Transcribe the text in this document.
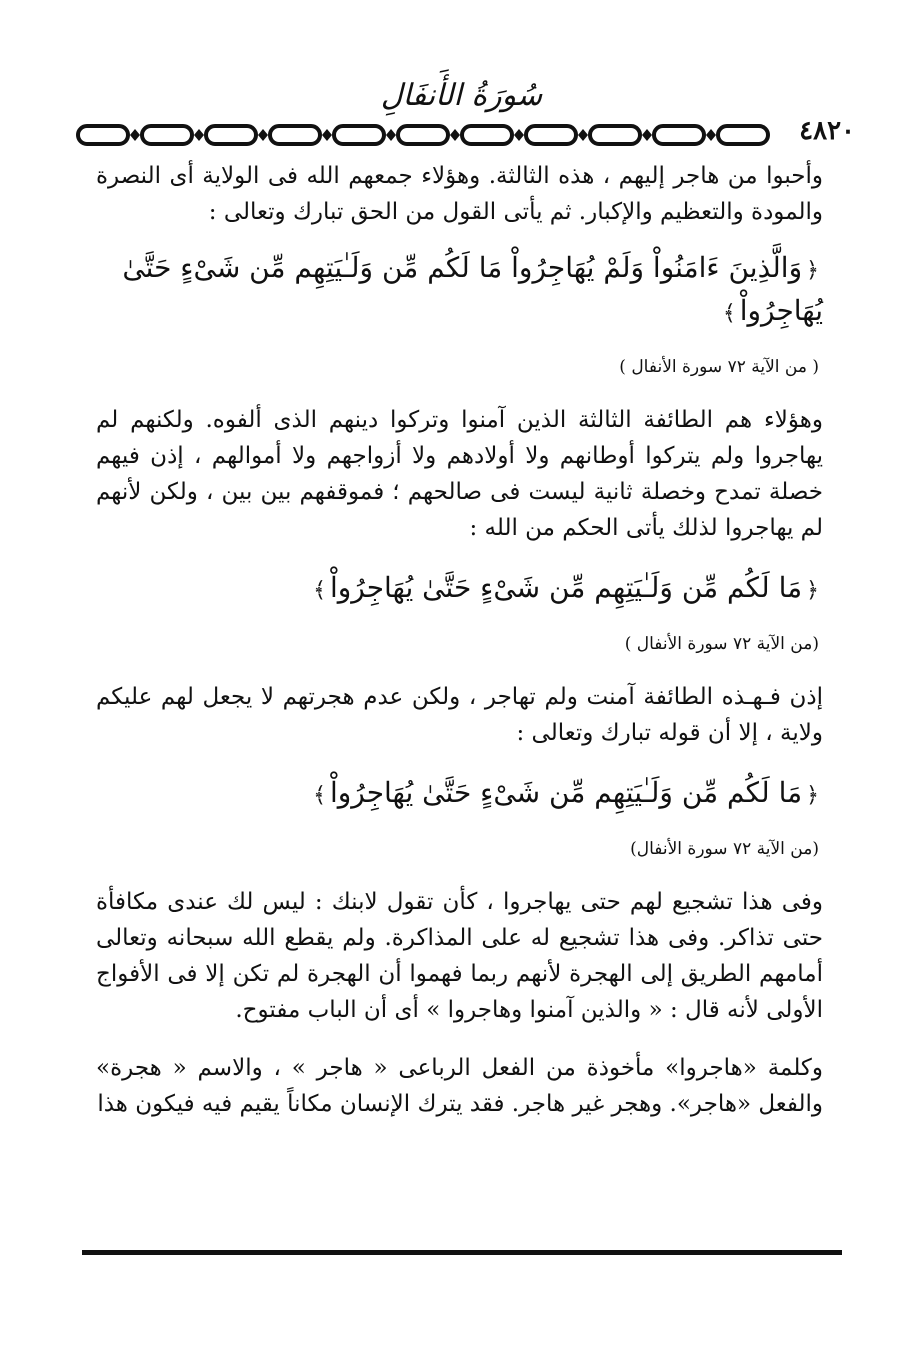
سُورَةُ الأَنفَالِ
٤٨٢٠

وأحبوا من هاجر إليهم ، هذه الثالثة. وهؤلاء جمعهم الله فى الولاية أى النصرة والمودة والتعظيم والإكبار. ثم يأتى القول من الحق تبارك وتعالى :

﴿وَالَّذِينَ ءَامَنُواْ وَلَمْ يُهَاجِرُواْ مَا لَكُم مِّن وَلَـٰيَتِهِم مِّن شَىْءٍ حَتَّىٰ يُهَاجِرُواْ﴾
( من الآية ٧٢ سورة الأنفال )

وهؤلاء هم الطائفة الثالثة الذين آمنوا وتركوا دينهم الذى ألفوه. ولكنهم لم يهاجروا ولم يتركوا أوطانهم ولا أولادهم ولا أزواجهم ولا أموالهم ، إذن فيهم خصلة تمدح وخصلة ثانية ليست فى صالحهم ؛ فموقفهم بين بين ، ولكن لأنهم لم يهاجروا لذلك يأتى الحكم من الله :

﴿مَا لَكُم مِّن وَلَـٰيَتِهِم مِّن شَىْءٍ حَتَّىٰ يُهَاجِرُواْ﴾
(من الآية ٧٢ سورة الأنفال )

إذن فـهـذه الطائفة آمنت ولم تهاجر ، ولكن عدم هجرتهم لا يجعل لهم عليكم ولاية ، إلا أن قوله تبارك وتعالى :

﴿مَا لَكُم مِّن وَلَـٰيَتِهِم مِّن شَىْءٍ حَتَّىٰ يُهَاجِرُواْ﴾
(من الآية ٧٢ سورة الأنفال)

وفى هذا تشجيع لهم حتى يهاجروا ، كأن تقول لابنك : ليس لك عندى مكافأة حتى تذاكر. وفى هذا تشجيع له على المذاكرة. ولم يقطع الله سبحانه وتعالى أمامهم الطريق إلى الهجرة لأنهم ربما فهموا أن الهجرة لم تكن إلا فى الأفواج الأولى لأنه قال : « والذين آمنوا وهاجروا » أى أن الباب مفتوح.

وكلمة «هاجروا» مأخوذة من الفعل الرباعى « هاجر » ، والاسم « هجرة» والفعل «هاجر». وهجر غير هاجر. فقد يترك الإنسان مكاناً يقيم فيه فيكون هذا
